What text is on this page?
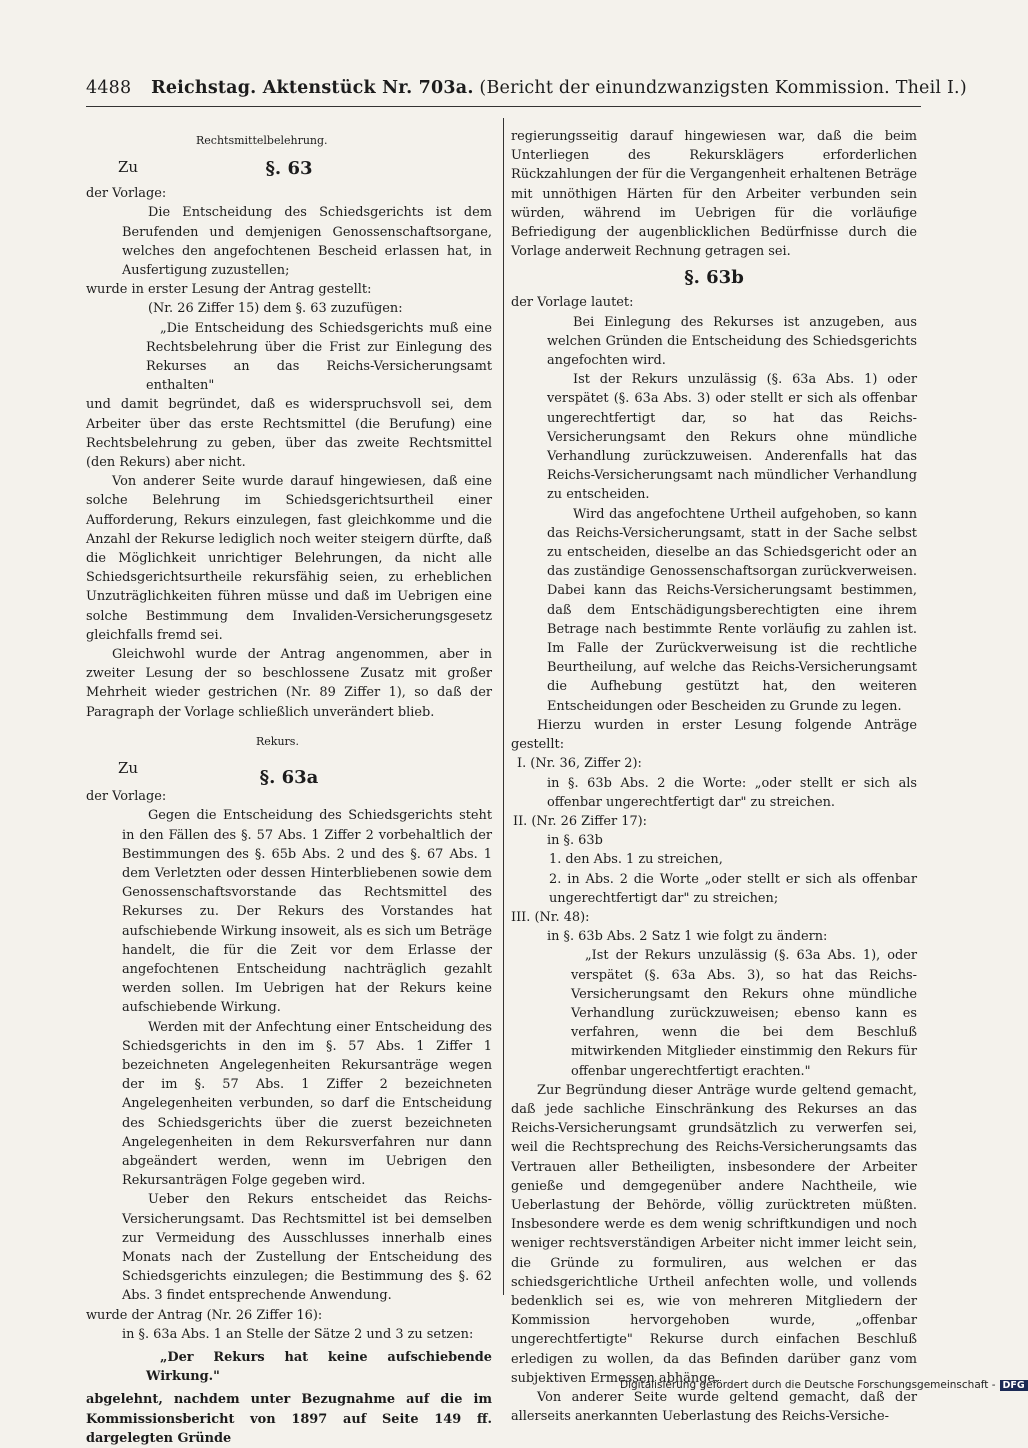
4488 Reichstag. Aktenstück Nr. 703a. (Bericht der einundzwanzigsten Kommission. Theil I.)

Rechtsmittelbelehrung.

Zu	§. 63

der Vorlage:

Die Entscheidung des Schiedsgerichts ist dem Berufenden und demjenigen Genossenschaftsorgane, welches den angefochtenen Bescheid erlassen hat, in Ausfertigung zuzustellen;

wurde in erster Lesung der Antrag gestellt:

(Nr. 26 Ziffer 15) dem §. 63 zuzufügen:

„Die Entscheidung des Schiedsgerichts muß eine Rechtsbelehrung über die Frist zur Einlegung des Rekurses an das Reichs-Versicherungsamt enthalten"

und damit begründet, daß es widerspruchsvoll sei, dem Arbeiter über das erste Rechtsmittel (die Berufung) eine Rechtsbelehrung zu geben, über das zweite Rechtsmittel (den Rekurs) aber nicht.

Von anderer Seite wurde darauf hingewiesen, daß eine solche Belehrung im Schiedsgerichtsurtheil einer Aufforderung, Rekurs einzulegen, fast gleichkomme und die Anzahl der Rekurse lediglich noch weiter steigern dürfte, daß die Möglichkeit unrichtiger Belehrungen, da nicht alle Schiedsgerichtsurtheile rekursfähig seien, zu erheblichen Unzuträglichkeiten führen müsse und daß im Uebrigen eine solche Bestimmung dem Invaliden-Versicherungsgesetz gleichfalls fremd sei.

Gleichwohl wurde der Antrag angenommen, aber in zweiter Lesung der so beschlossene Zusatz mit großer Mehrheit wieder gestrichen (Nr. 89 Ziffer 1), so daß der Paragraph der Vorlage schließlich unverändert blieb.

Rekurs.

Zu	§. 63a

der Vorlage:

Gegen die Entscheidung des Schiedsgerichts steht in den Fällen des §. 57 Abs. 1 Ziffer 2 vorbehaltlich der Bestimmungen des §. 65b Abs. 2 und des §. 67 Abs. 1 dem Verletzten oder dessen Hinterbliebenen sowie dem Genossenschaftsvorstande das Rechtsmittel des Rekurses zu. Der Rekurs des Vorstandes hat aufschiebende Wirkung insoweit, als es sich um Beträge handelt, die für die Zeit vor dem Erlasse der angefochtenen Entscheidung nachträglich gezahlt werden sollen. Im Uebrigen hat der Rekurs keine aufschiebende Wirkung.

Werden mit der Anfechtung einer Entscheidung des Schiedsgerichts in den im §. 57 Abs. 1 Ziffer 1 bezeichneten Angelegenheiten Rekursanträge wegen der im §. 57 Abs. 1 Ziffer 2 bezeichneten Angelegenheiten verbunden, so darf die Entscheidung des Schiedsgerichts über die zuerst bezeichneten Angelegenheiten in dem Rekursverfahren nur dann abgeändert werden, wenn im Uebrigen den Rekursanträgen Folge gegeben wird.

Ueber den Rekurs entscheidet das Reichs-Versicherungsamt. Das Rechtsmittel ist bei demselben zur Vermeidung des Ausschlusses innerhalb eines Monats nach der Zustellung der Entscheidung des Schiedsgerichts einzulegen; die Bestimmung des §. 62 Abs. 3 findet entsprechende Anwendung.

wurde der Antrag (Nr. 26 Ziffer 16):

in §. 63a Abs. 1 an Stelle der Sätze 2 und 3 zu setzen:

„Der Rekurs hat keine aufschiebende Wirkung."

abgelehnt, nachdem unter Bezugnahme auf die im Kommissionsbericht von 1897 auf Seite 149 ff. dargelegten Gründe

regierungsseitig darauf hingewiesen war, daß die beim Unterliegen des Rekursklägers erforderlichen Rückzahlungen der für die Vergangenheit erhaltenen Beträge mit unnöthigen Härten für den Arbeiter verbunden sein würden, während im Uebrigen für die vorläufige Befriedigung der augenblicklichen Bedürfnisse durch die Vorlage anderweit Rechnung getragen sei.

§. 63b

der Vorlage lautet:

Bei Einlegung des Rekurses ist anzugeben, aus welchen Gründen die Entscheidung des Schiedsgerichts angefochten wird.

Ist der Rekurs unzulässig (§. 63a Abs. 1) oder verspätet (§. 63a Abs. 3) oder stellt er sich als offenbar ungerechtfertigt dar, so hat das Reichs-Versicherungsamt den Rekurs ohne mündliche Verhandlung zurückzuweisen. Anderenfalls hat das Reichs-Versicherungsamt nach mündlicher Verhandlung zu entscheiden.

Wird das angefochtene Urtheil aufgehoben, so kann das Reichs-Versicherungsamt, statt in der Sache selbst zu entscheiden, dieselbe an das Schiedsgericht oder an das zuständige Genossenschaftsorgan zurückverweisen. Dabei kann das Reichs-Versicherungsamt bestimmen, daß dem Entschädigungsberechtigten eine ihrem Betrage nach bestimmte Rente vorläufig zu zahlen ist. Im Falle der Zurückverweisung ist die rechtliche Beurtheilung, auf welche das Reichs-Versicherungsamt die Aufhebung gestützt hat, den weiteren Entscheidungen oder Bescheiden zu Grunde zu legen.

Hierzu wurden in erster Lesung folgende Anträge gestellt:

I. (Nr. 36, Ziffer 2):

in §. 63b Abs. 2 die Worte: „oder stellt er sich als offenbar ungerechtfertigt dar" zu streichen.

II. (Nr. 26 Ziffer 17):

in §. 63b

1. den Abs. 1 zu streichen,

2. in Abs. 2 die Worte „oder stellt er sich als offenbar ungerechtfertigt dar" zu streichen;

III. (Nr. 48):

in §. 63b Abs. 2 Satz 1 wie folgt zu ändern:

„Ist der Rekurs unzulässig (§. 63a Abs. 1), oder verspätet (§. 63a Abs. 3), so hat das Reichs-Versicherungsamt den Rekurs ohne mündliche Verhandlung zurückzuweisen; ebenso kann es verfahren, wenn die bei dem Beschluß mitwirkenden Mitglieder einstimmig den Rekurs für offenbar ungerechtfertigt erachten."

Zur Begründung dieser Anträge wurde geltend gemacht, daß jede sachliche Einschränkung des Rekurses an das Reichs-Versicherungsamt grundsätzlich zu verwerfen sei, weil die Rechtsprechung des Reichs-Versicherungsamts das Vertrauen aller Betheiligten, insbesondere der Arbeiter genieße und demgegenüber andere Nachtheile, wie Ueberlastung der Behörde, völlig zurücktreten müßten. Insbesondere werde es dem wenig schriftkundigen und noch weniger rechtsverständigen Arbeiter nicht immer leicht sein, die Gründe zu formuliren, aus welchen er das schiedsgerichtliche Urtheil anfechten wolle, und vollends bedenklich sei es, wie von mehreren Mitgliedern der Kommission hervorgehoben wurde, „offenbar ungerechtfertigte" Rekurse durch einfachen Beschluß erledigen zu wollen, da das Befinden darüber ganz vom subjektiven Ermessen abhänge.

Von anderer Seite wurde geltend gemacht, daß der allerseits anerkannten Ueberlastung des Reichs-Versiche-

Digitalisierung gefördert durch die Deutsche Forschungsgemeinschaft - DFG
